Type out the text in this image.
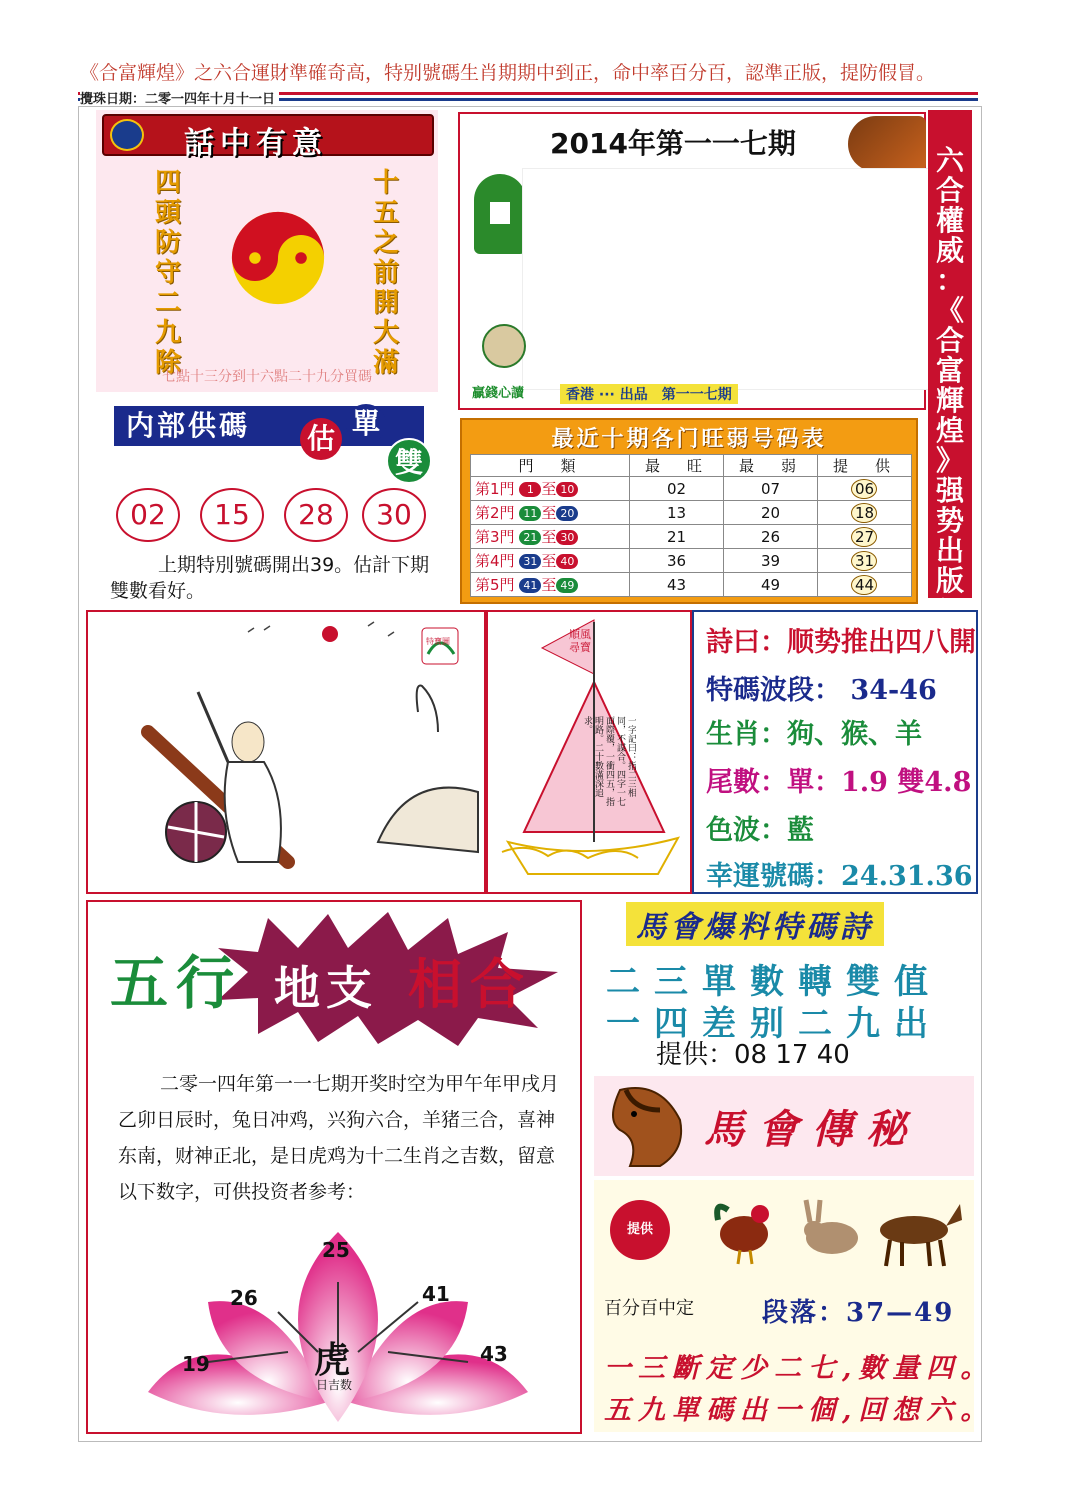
《合富輝煌》之六合運財準確奇高，特别號碼生肖期期中到正，命中率百分百，認準正版，提防假冒。
攪珠日期：二零一四年十月十一日
話中有意
四頭防守二九除
十五之前開大滿
七點十三分到十六點二十九分買碼
2014年第一一七期
贏錢心讀	香港 ··· 出品　第一一七期
六
合
權
威
：
《
合
富
輝
煌
》
强
势
出
版
内部供碼	估 單
雙
02	15	28	30
上期特別號碼開出39。估計下期雙數看好。
最近十期各门旺弱号码表
門　類	最　旺	最　弱	提　供
第1門 1 至 10	02	07	06
第2門 11 至 20	13	20	18
第3門 21 至 30	21	26	27
第4門 31 至 40	36	39	31
第5門 41 至 49	43	49	44
特寶圖
順風尋寶
一字記曰：指二三相同，不謀合。四字一七面際覆，一衝四五，指明路。二十數滿深追求。
詩曰：顺势推出四八開
特碼波段： 34-46
生肖：狗、猴、羊
尾數：單：1.9 雙4.8
色波：藍
幸運號碼：24.31.36
五行 地支 相合
二零一四年第一一七期开奖时空为甲午年甲戌月乙卯日辰时，兔日冲鸡，兴狗六合，羊猪三合，喜神东南，财神正北，是日虎鸡为十二生肖之吉数，留意以下数字，可供投资者参考：
25
26	41
19	43
虎
日吉数
馬會爆料特碼詩
二三單數轉雙值
一四差别二九出
提供：08 17 40
馬會傳秘
提供
百分百中定	段落：37—49
一三斷定少二七,數量四。
五九單碼出一個,回想六。
